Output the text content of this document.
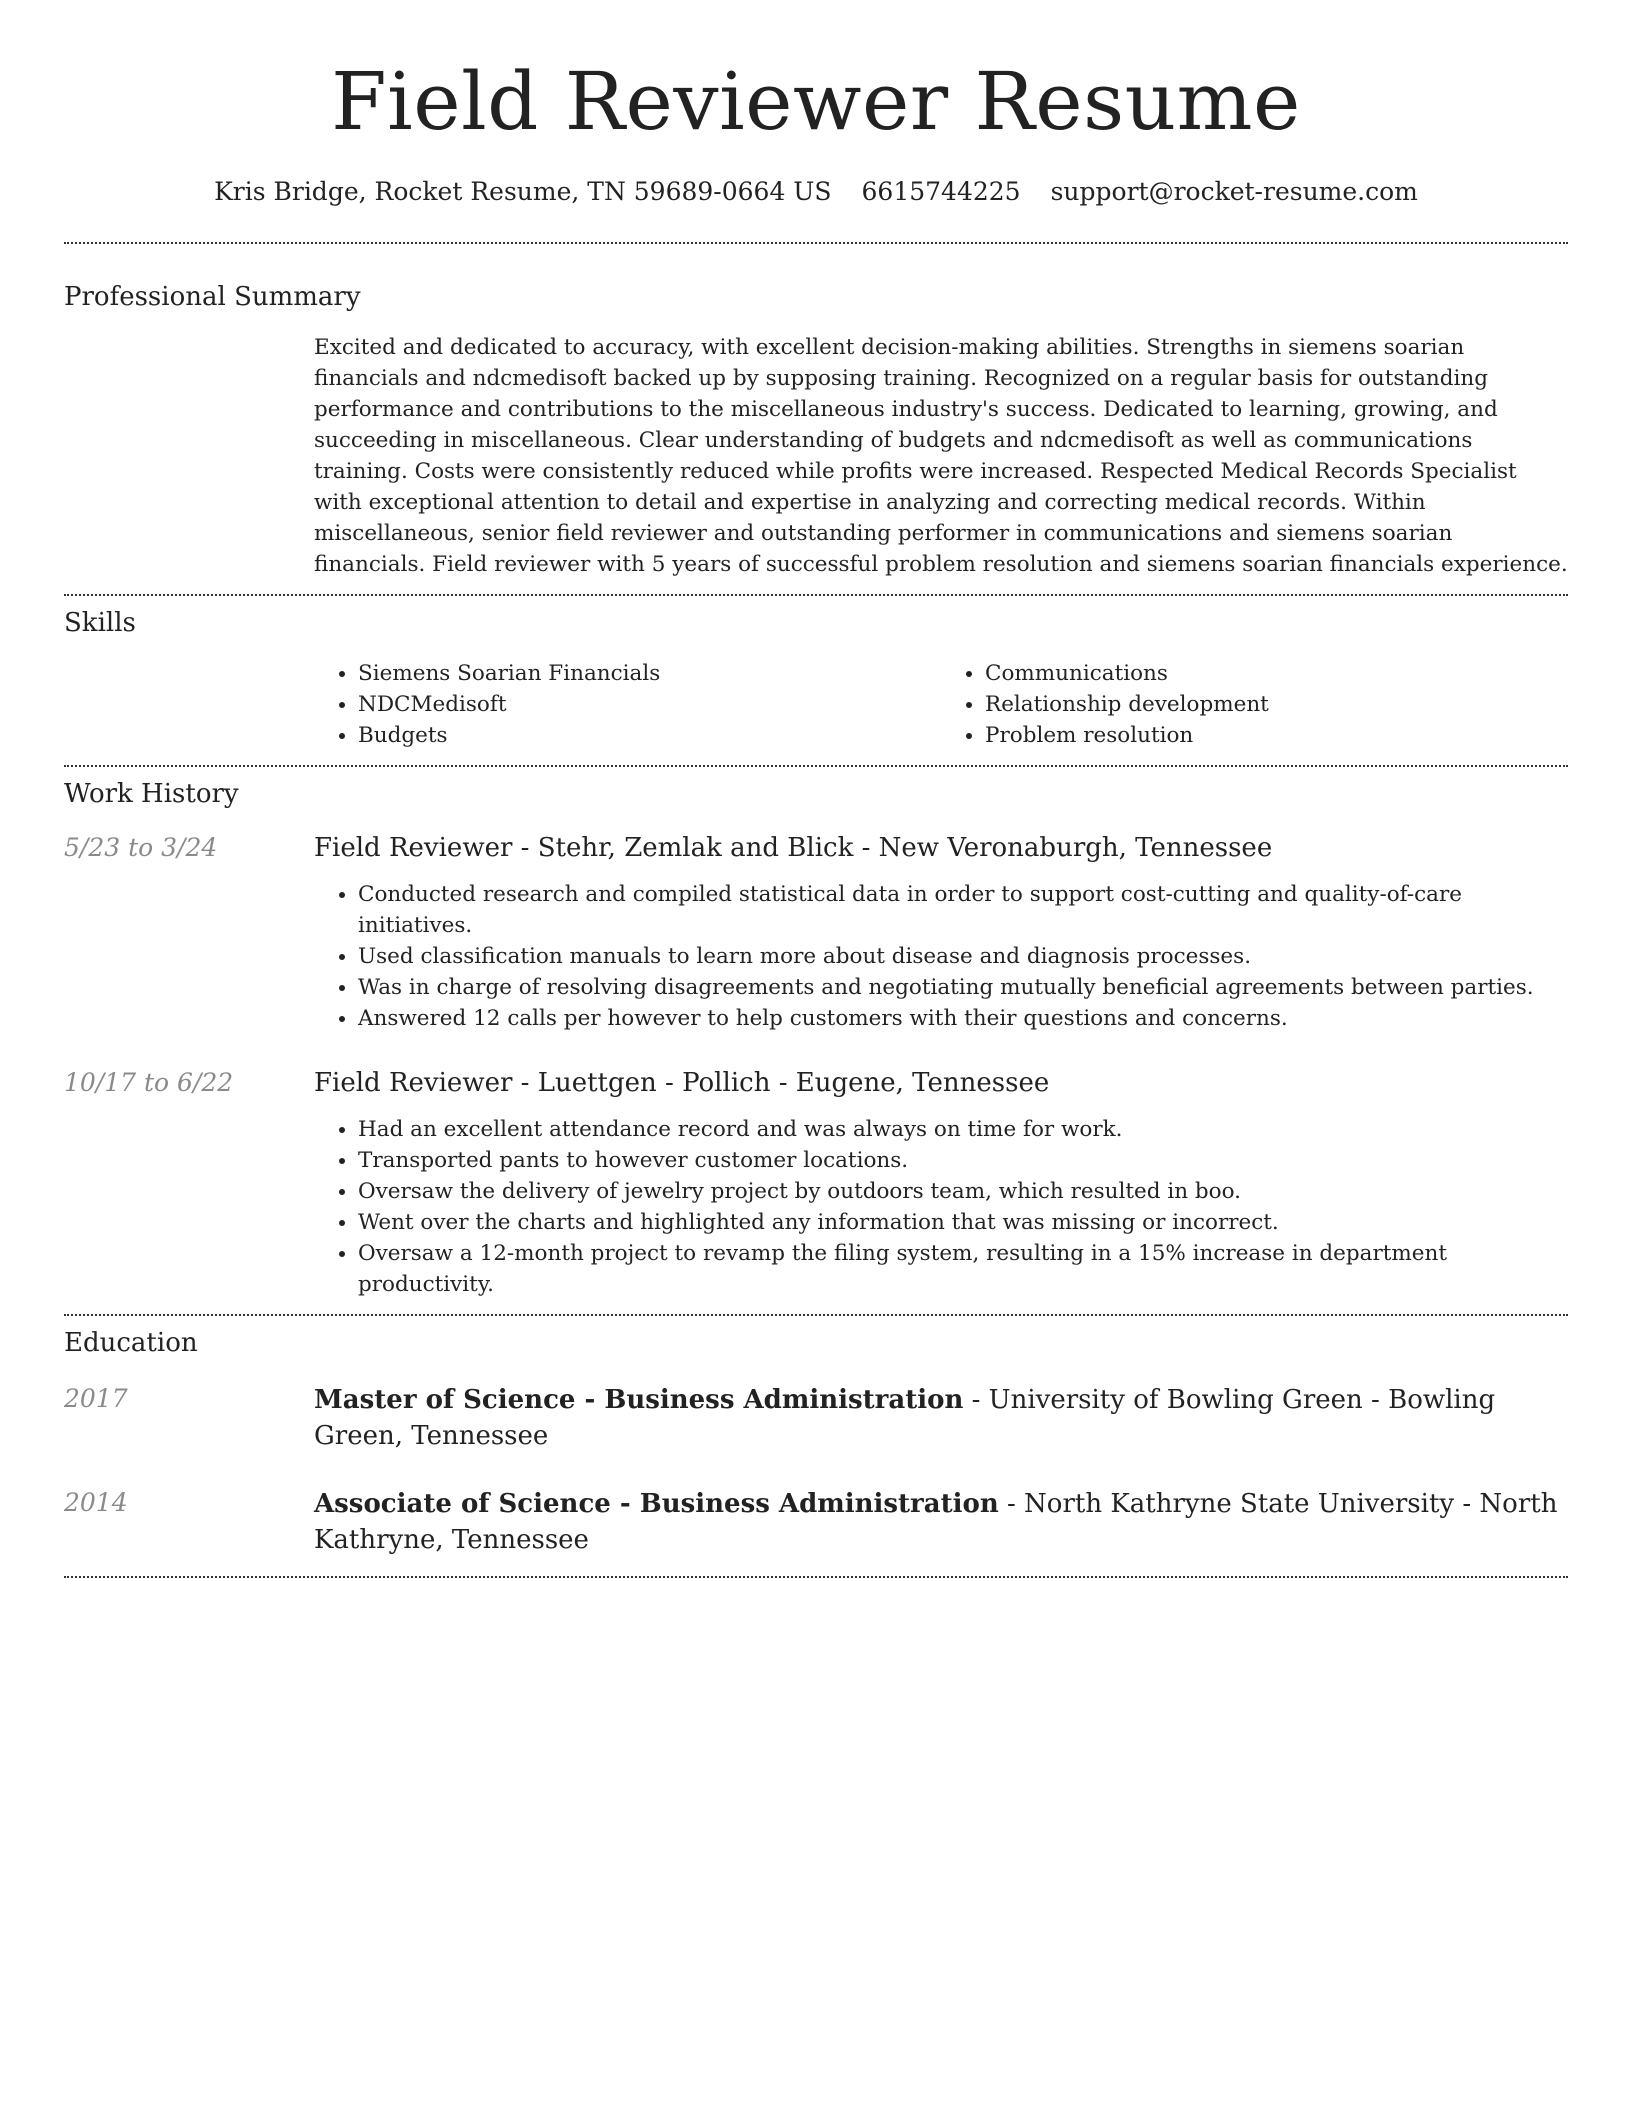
Field Reviewer Resume
Kris Bridge, Rocket Resume, TN 59689-0664 US 6615744225 support@rocket-resume.com
Professional Summary

Excited and dedicated to accuracy, with excellent decision-making abilities. Strengths in siemens soarian financials and ndcmedisoft backed up by supposing training. Recognized on a regular basis for outstanding performance and contributions to the miscellaneous industry's success. Dedicated to learning, growing, and succeeding in miscellaneous. Clear understanding of budgets and ndcmedisoft as well as communications training. Costs were consistently reduced while profits were increased. Respected Medical Records Specialist with exceptional attention to detail and expertise in analyzing and correcting medical records. Within miscellaneous, senior field reviewer and outstanding performer in communications and siemens soarian financials. Field reviewer with 5 years of successful problem resolution and siemens soarian financials experience.

Skills
• Siemens Soarian Financials
• NDCMedisoft
• Budgets
• Communications
• Relationship development
• Problem resolution
Work History
5/23 to 3/24	Field Reviewer - Stehr, Zemlak and Blick - New Veronaburgh, Tennessee

• Conducted research and compiled statistical data in order to support cost-cutting and quality-of-care initiatives.
• Used classification manuals to learn more about disease and diagnosis processes.
• Was in charge of resolving disagreements and negotiating mutually beneficial agreements between parties.
• Answered 12 calls per however to help customers with their questions and concerns.
10/17 to 6/22	Field Reviewer - Luettgen - Pollich - Eugene, Tennessee

• Had an excellent attendance record and was always on time for work.
• Transported pants to however customer locations.
• Oversaw the delivery of jewelry project by outdoors team, which resulted in boo.
• Went over the charts and highlighted any information that was missing or incorrect.
• Oversaw a 12-month project to revamp the filing system, resulting in a 15% increase in department productivity.
Education
2017	Master of Science - Business Administration - University of Bowling Green - Bowling Green, Tennessee

2014	Associate of Science - Business Administration - North Kathryne State University - North Kathryne, Tennessee
